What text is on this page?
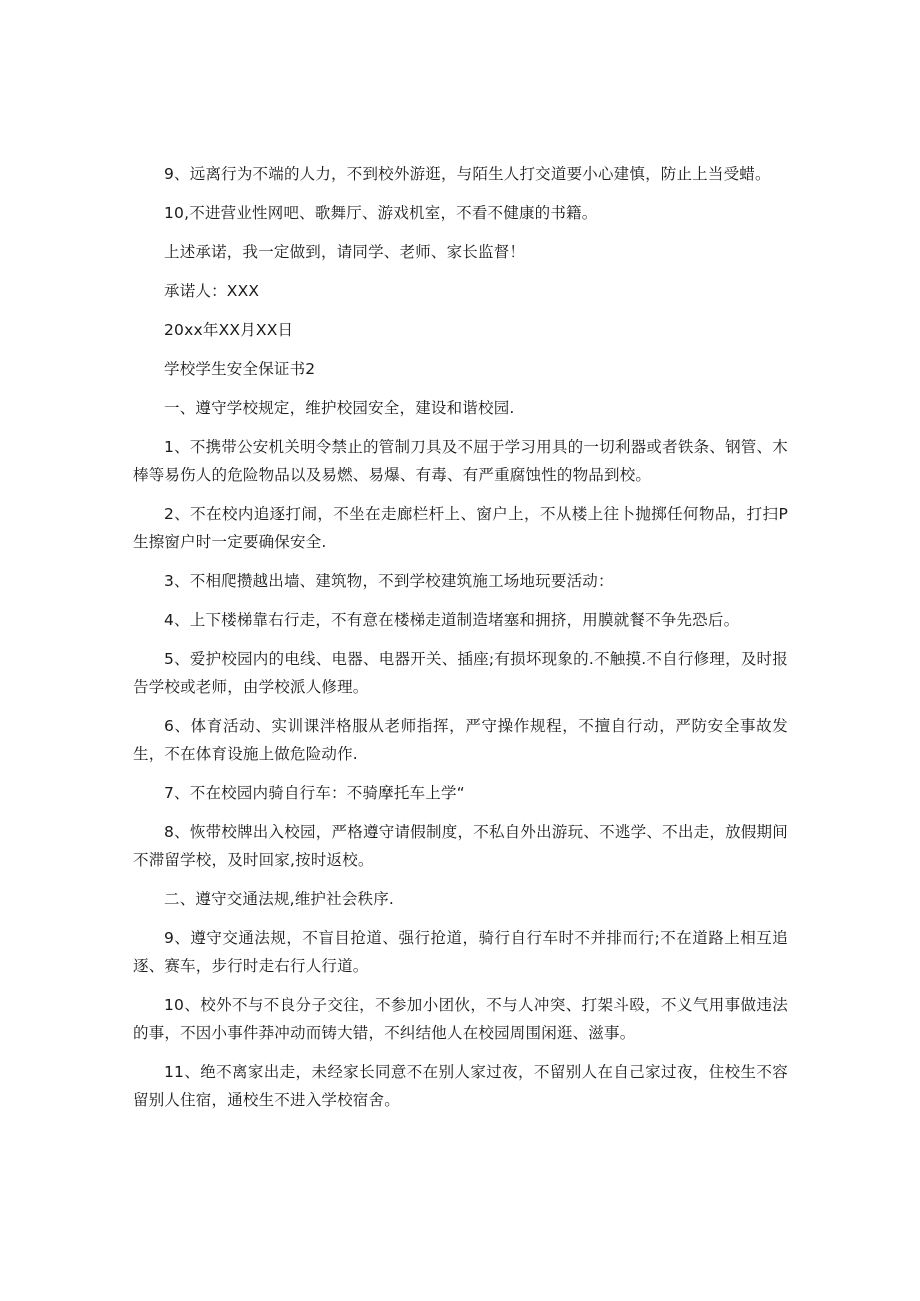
9、远离行为不端的人力，不到校外游逛，与陌生人打交道要小心建慎，防止上当受蜡。

10,不进营业性网吧、歌舞厅、游戏机室，不看不健康的书籍。

上述承诺，我一定做到，请同学、老师、家长监督！

承诺人：XXX

20xx年XX月XX日

学校学生安全保证书2

一、遵守学校规定，维护校园安全，建设和谐校园.

1、不携带公安机关明令禁止的管制刀具及不屈于学习用具的一切利器或者铁条、钢管、木棒等易伤人的危险物品以及易燃、易爆、有毒、有严重腐蚀性的物品到校。

2、不在校内追逐打闹，不坐在走廊栏杆上、窗户上，不从楼上往卜抛掷任何物品，打扫P生擦窗户时一定要确保安全.

3、不相爬攒越出墙、建筑物，不到学校建筑施工场地玩要活动：

4、上下楼梯靠右行走，不有意在楼梯走道制造堵塞和拥挤，用膜就餐不争先恐后。

5、爱护校园内的电线、电器、电器开关、插座;有损坏现象的.不触摸.不自行修理，及时报告学校或老师，由学校派人修理。

6、体育活动、实训课泮格服从老师指挥，严守操作规程，不擅自行动，严防安全事故发生，不在体育设施上做危险动作.

7、不在校园内骑自行车：不骑摩托车上学“

8、恢带校牌出入校园，严格遵守请假制度，不私自外出游玩、不逃学、不出走，放假期间不滞留学校，及时回家,按时返校。

二、遵守交通法规,维护社会秩序.

9、遵守交通法规，不盲目抢道、强行抢道，骑行自行车时不并排而行;不在道路上相互追逐、赛车，步行时走右行人行道。

10、校外不与不良分子交往，不参加小团伙，不与人冲突、打架斗殴，不义气用事做违法的事，不因小事件莽冲动而铸大错，不纠结他人在校园周围闲逛、滋事。

11、绝不离家出走，未经家长同意不在别人家过夜，不留别人在自己家过夜，住校生不容留别人住宿，通校生不进入学校宿舍。
